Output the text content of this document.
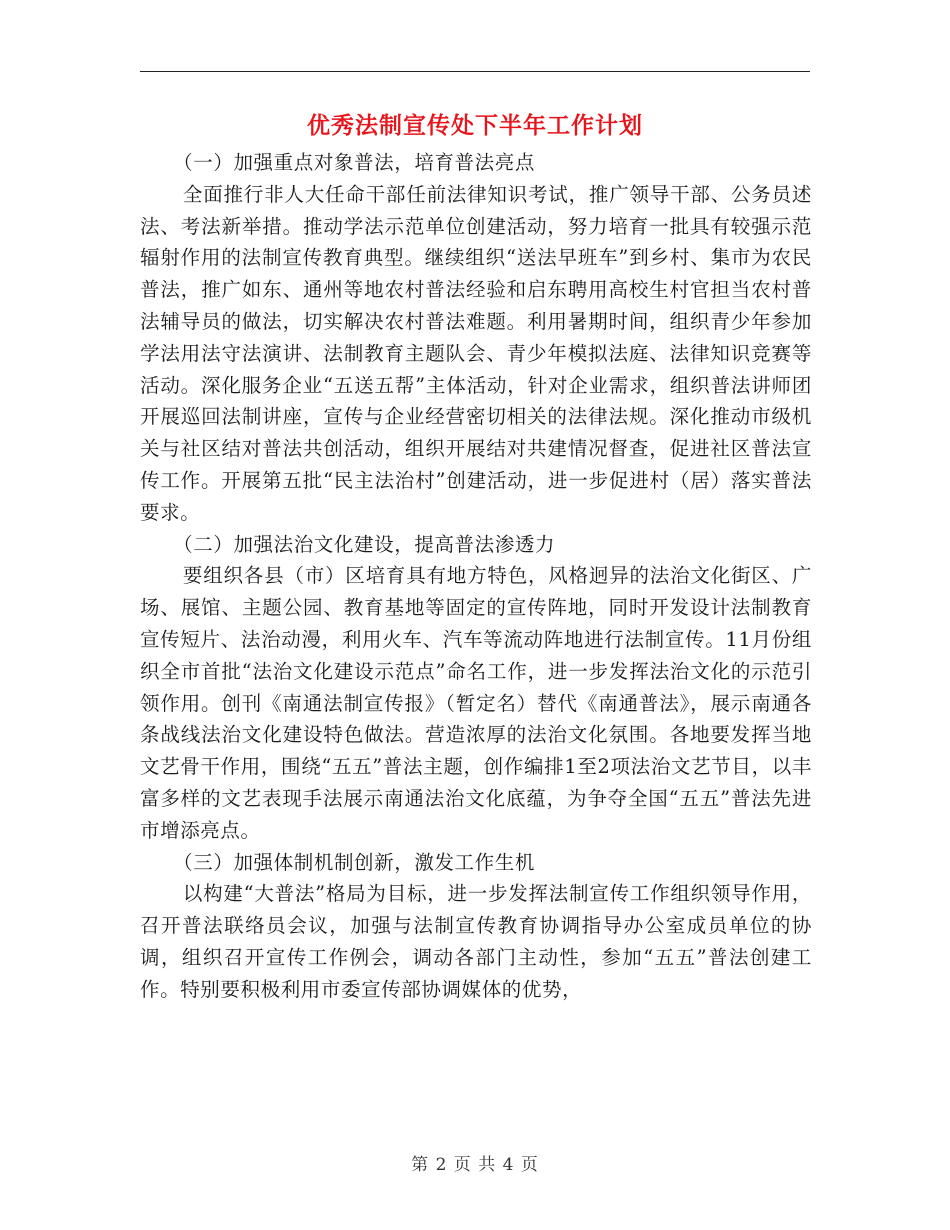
优秀法制宣传处下半年工作计划

（一）加强重点对象普法，培育普法亮点

全面推行非人大任命干部任前法律知识考试，推广领导干部、公务员述法、考法新举措。推动学法示范单位创建活动，努力培育一批具有较强示范辐射作用的法制宣传教育典型。继续组织“送法早班车”到乡村、集市为农民普法，推广如东、通州等地农村普法经验和启东聘用高校生村官担当农村普法辅导员的做法，切实解决农村普法难题。利用暑期时间，组织青少年参加学法用法守法演讲、法制教育主题队会、青少年模拟法庭、法律知识竞赛等活动。深化服务企业“五送五帮”主体活动，针对企业需求，组织普法讲师团开展巡回法制讲座，宣传与企业经营密切相关的法律法规。深化推动市级机关与社区结对普法共创活动，组织开展结对共建情况督查，促进社区普法宣传工作。开展第五批“民主法治村”创建活动，进一步促进村（居）落实普法要求。

（二）加强法治文化建设，提高普法渗透力

要组织各县（市）区培育具有地方特色，风格迥异的法治文化街区、广场、展馆、主题公园、教育基地等固定的宣传阵地，同时开发设计法制教育宣传短片、法治动漫，利用火车、汽车等流动阵地进行法制宣传。11月份组织全市首批“法治文化建设示范点”命名工作，进一步发挥法治文化的示范引领作用。创刊《南通法制宣传报》（暂定名）替代《南通普法》，展示南通各条战线法治文化建设特色做法。营造浓厚的法治文化氛围。各地要发挥当地文艺骨干作用，围绕“五五”普法主题，创作编排1至2项法治文艺节目，以丰富多样的文艺表现手法展示南通法治文化底蕴，为争夺全国“五五”普法先进市增添亮点。

（三）加强体制机制创新，激发工作生机

以构建“大普法”格局为目标，进一步发挥法制宣传工作组织领导作用，召开普法联络员会议，加强与法制宣传教育协调指导办公室成员单位的协调，组织召开宣传工作例会，调动各部门主动性，参加“五五”普法创建工作。特别要积极利用市委宣传部协调媒体的优势，

第 2 页 共 4 页
